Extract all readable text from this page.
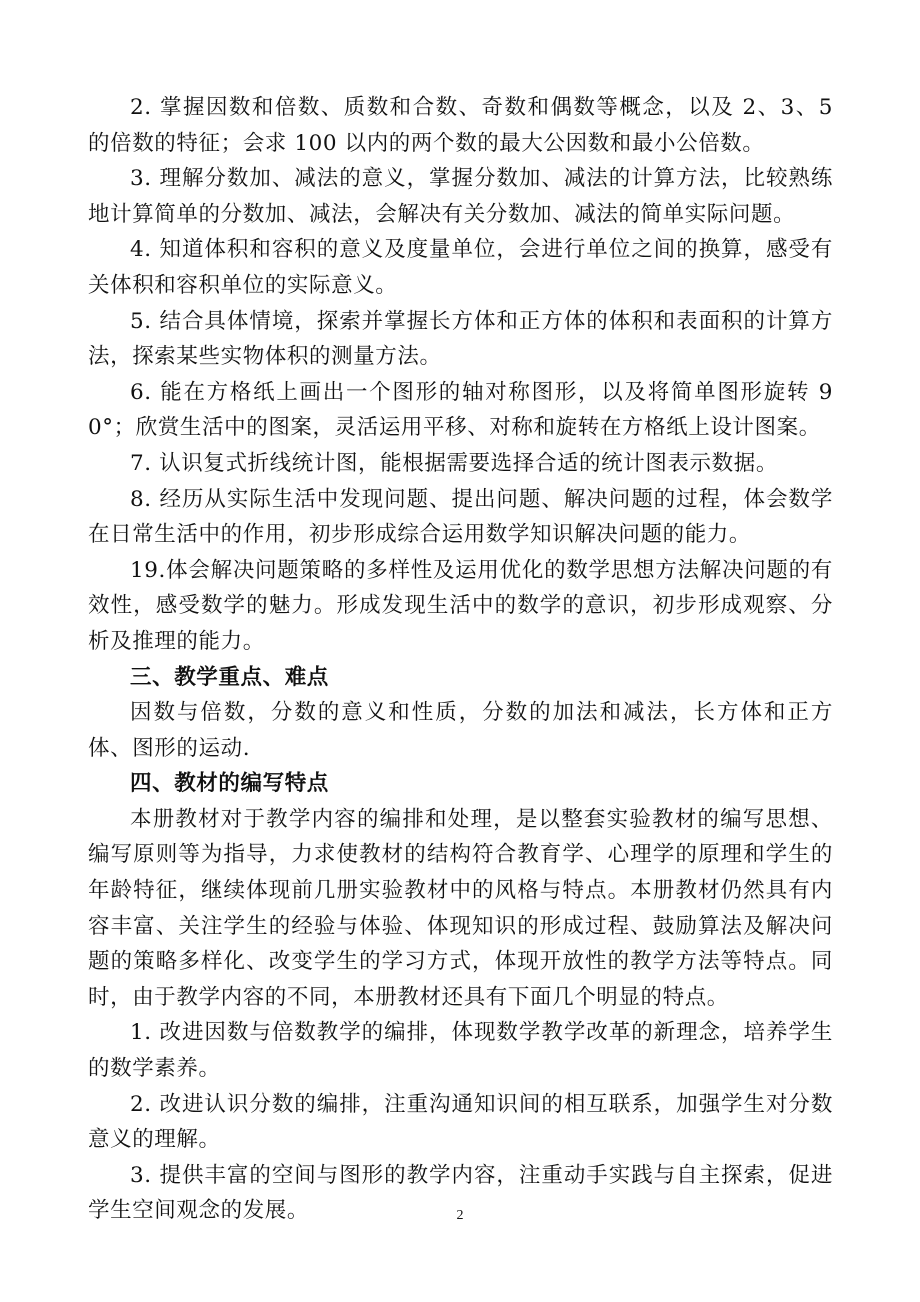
2. 掌握因数和倍数、质数和合数、奇数和偶数等概念，以及 2、3、5 的倍数的特征；会求 100 以内的两个数的最大公因数和最小公倍数。

3. 理解分数加、减法的意义，掌握分数加、减法的计算方法，比较熟练地计算简单的分数加、减法，会解决有关分数加、减法的简单实际问题。

4. 知道体积和容积的意义及度量单位，会进行单位之间的换算，感受有关体积和容积单位的实际意义。

5. 结合具体情境，探索并掌握长方体和正方体的体积和表面积的计算方法，探索某些实物体积的测量方法。

6. 能在方格纸上画出一个图形的轴对称图形，以及将简单图形旋转 90°；欣赏生活中的图案，灵活运用平移、对称和旋转在方格纸上设计图案。

7. 认识复式折线统计图，能根据需要选择合适的统计图表示数据。

8. 经历从实际生活中发现问题、提出问题、解决问题的过程，体会数学在日常生活中的作用，初步形成综合运用数学知识解决问题的能力。

19.体会解决问题策略的多样性及运用优化的数学思想方法解决问题的有效性，感受数学的魅力。形成发现生活中的数学的意识，初步形成观察、分析及推理的能力。

三、教学重点、难点

因数与倍数，分数的意义和性质，分数的加法和减法，长方体和正方体、图形的运动.

四、教材的编写特点

本册教材对于教学内容的编排和处理，是以整套实验教材的编写思想、编写原则等为指导，力求使教材的结构符合教育学、心理学的原理和学生的年龄特征，继续体现前几册实验教材中的风格与特点。本册教材仍然具有内容丰富、关注学生的经验与体验、体现知识的形成过程、鼓励算法及解决问题的策略多样化、改变学生的学习方式，体现开放性的教学方法等特点。同时，由于教学内容的不同，本册教材还具有下面几个明显的特点。

1. 改进因数与倍数教学的编排，体现数学教学改革的新理念，培养学生的数学素养。

2. 改进认识分数的编排，注重沟通知识间的相互联系，加强学生对分数意义的理解。

3. 提供丰富的空间与图形的教学内容，注重动手实践与自主探索，促进学生空间观念的发展。	2
